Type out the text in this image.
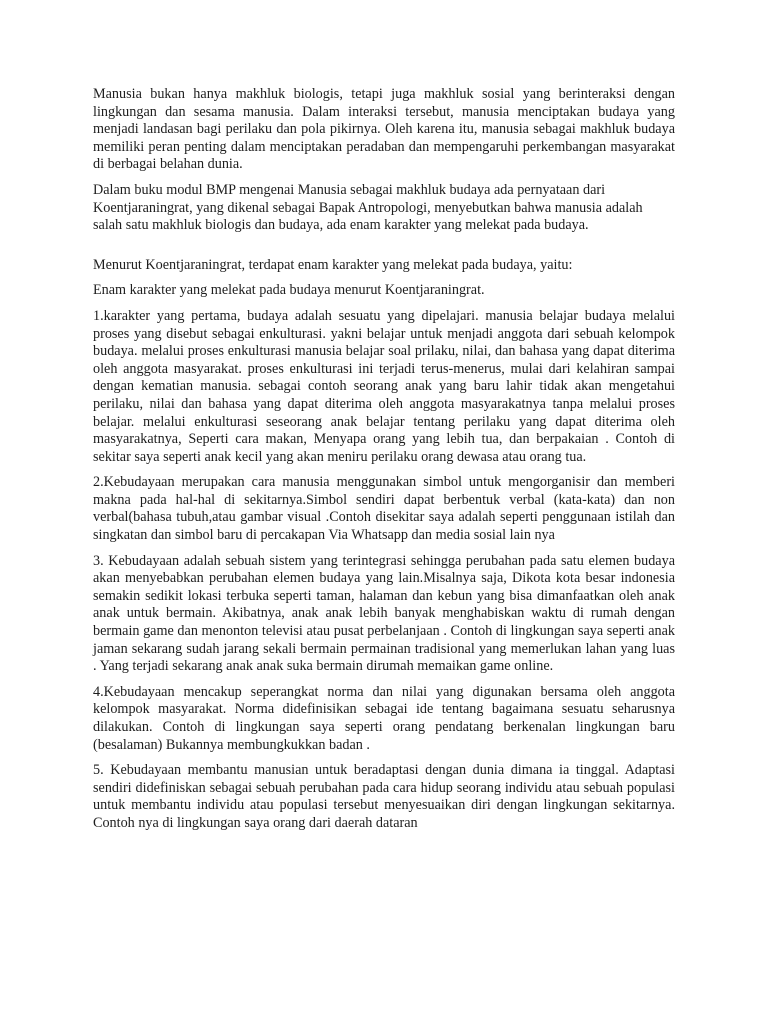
Manusia bukan hanya makhluk biologis, tetapi juga makhluk sosial yang berinteraksi dengan lingkungan dan sesama manusia. Dalam interaksi tersebut, manusia menciptakan budaya yang menjadi landasan bagi perilaku dan pola pikirnya. Oleh karena itu, manusia sebagai makhluk budaya memiliki peran penting dalam menciptakan peradaban dan mempengaruhi perkembangan masyarakat di berbagai belahan dunia.

Dalam buku modul BMP mengenai Manusia sebagai makhluk budaya ada pernyataan dari Koentjaraningrat, yang dikenal sebagai Bapak Antropologi, menyebutkan bahwa manusia adalah salah satu makhluk biologis dan budaya, ada enam karakter yang melekat pada budaya.

Menurut Koentjaraningrat, terdapat enam karakter yang melekat pada budaya, yaitu:

Enam karakter yang melekat pada budaya menurut Koentjaraningrat.

1.karakter yang pertama, budaya adalah sesuatu yang dipelajari. manusia belajar budaya melalui proses yang disebut sebagai enkulturasi. yakni belajar untuk menjadi anggota dari sebuah kelompok budaya. melalui proses enkulturasi manusia belajar soal prilaku, nilai, dan bahasa yang dapat diterima oleh anggota masyarakat. proses enkulturasi ini terjadi terus-menerus, mulai dari kelahiran sampai dengan kematian manusia. sebagai contoh seorang anak yang baru lahir tidak akan mengetahui perilaku, nilai dan bahasa yang dapat diterima oleh anggota masyarakatnya tanpa melalui proses belajar. melalui enkulturasi seseorang anak belajar tentang perilaku yang dapat diterima oleh masyarakatnya, Seperti cara makan, Menyapa orang yang lebih tua, dan berpakaian . Contoh di sekitar saya seperti anak kecil yang akan meniru perilaku orang dewasa atau orang tua.

2.Kebudayaan merupakan cara manusia menggunakan simbol untuk mengorganisir dan memberi makna pada hal-hal di sekitarnya.Simbol sendiri dapat berbentuk verbal (kata-kata) dan non verbal(bahasa tubuh,atau gambar visual .Contoh disekitar saya adalah seperti penggunaan istilah dan singkatan dan simbol baru di percakapan Via Whatsapp dan media sosial lain nya

3. Kebudayaan adalah sebuah sistem yang terintegrasi sehingga perubahan pada satu elemen budaya akan menyebabkan perubahan elemen budaya yang lain.Misalnya saja, Dikota kota besar indonesia semakin sedikit lokasi terbuka seperti taman, halaman dan kebun yang bisa dimanfaatkan oleh anak anak untuk bermain. Akibatnya, anak anak lebih banyak menghabiskan waktu di rumah dengan bermain game dan menonton televisi atau pusat perbelanjaan . Contoh di lingkungan saya seperti anak jaman sekarang sudah jarang sekali bermain permainan tradisional yang memerlukan lahan yang luas . Yang terjadi sekarang anak anak suka bermain dirumah memaikan game online.

4.Kebudayaan mencakup seperangkat norma dan nilai yang digunakan bersama oleh anggota kelompok masyarakat. Norma didefinisikan sebagai ide tentang bagaimana sesuatu seharusnya dilakukan. Contoh di lingkungan saya seperti orang pendatang berkenalan lingkungan baru (besalaman) Bukannya membungkukkan badan .

5. Kebudayaan membantu manusian untuk beradaptasi dengan dunia dimana ia tinggal. Adaptasi sendiri didefiniskan sebagai sebuah perubahan pada cara hidup seorang individu atau sebuah populasi untuk membantu individu atau populasi tersebut menyesuaikan diri dengan lingkungan sekitarnya. Contoh nya di lingkungan saya orang dari daerah dataran
